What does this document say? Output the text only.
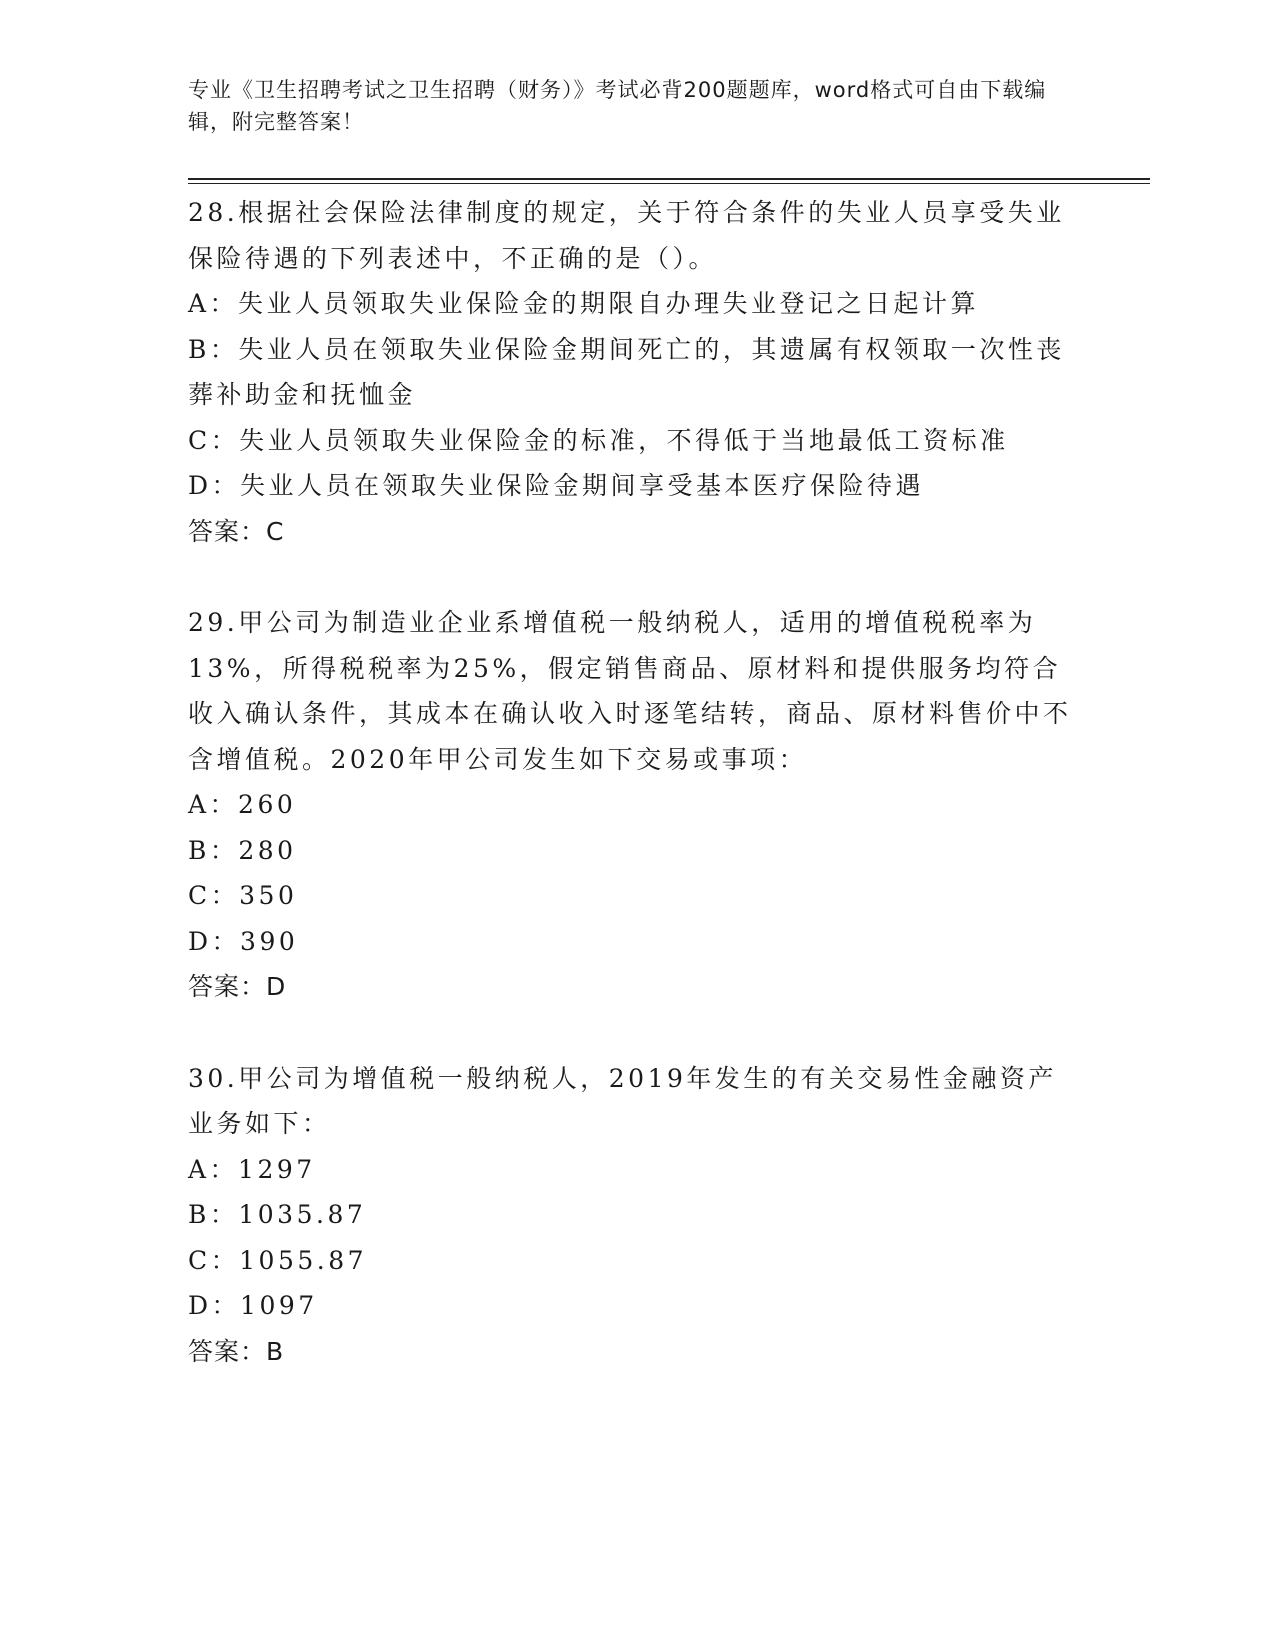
专业《卫生招聘考试之卫生招聘（财务）》考试必背200题题库，word格式可自由下载编辑，附完整答案！

28.根据社会保险法律制度的规定，关于符合条件的失业人员享受失业保险待遇的下列表述中，不正确的是（）。

A：失业人员领取失业保险金的期限自办理失业登记之日起计算

B：失业人员在领取失业保险金期间死亡的，其遗属有权领取一次性丧葬补助金和抚恤金

C：失业人员领取失业保险金的标准，不得低于当地最低工资标准

D：失业人员在领取失业保险金期间享受基本医疗保险待遇

答案：C

29.甲公司为制造业企业系增值税一般纳税人，适用的增值税税率为13%，所得税税率为25%，假定销售商品、原材料和提供服务均符合收入确认条件，其成本在确认收入时逐笔结转，商品、原材料售价中不含增值税。2020年甲公司发生如下交易或事项：

A：260

B：280

C：350

D：390

答案：D

30.甲公司为增值税一般纳税人，2019年发生的有关交易性金融资产业务如下：

A：1297

B：1035.87

C：1055.87

D：1097

答案：B
